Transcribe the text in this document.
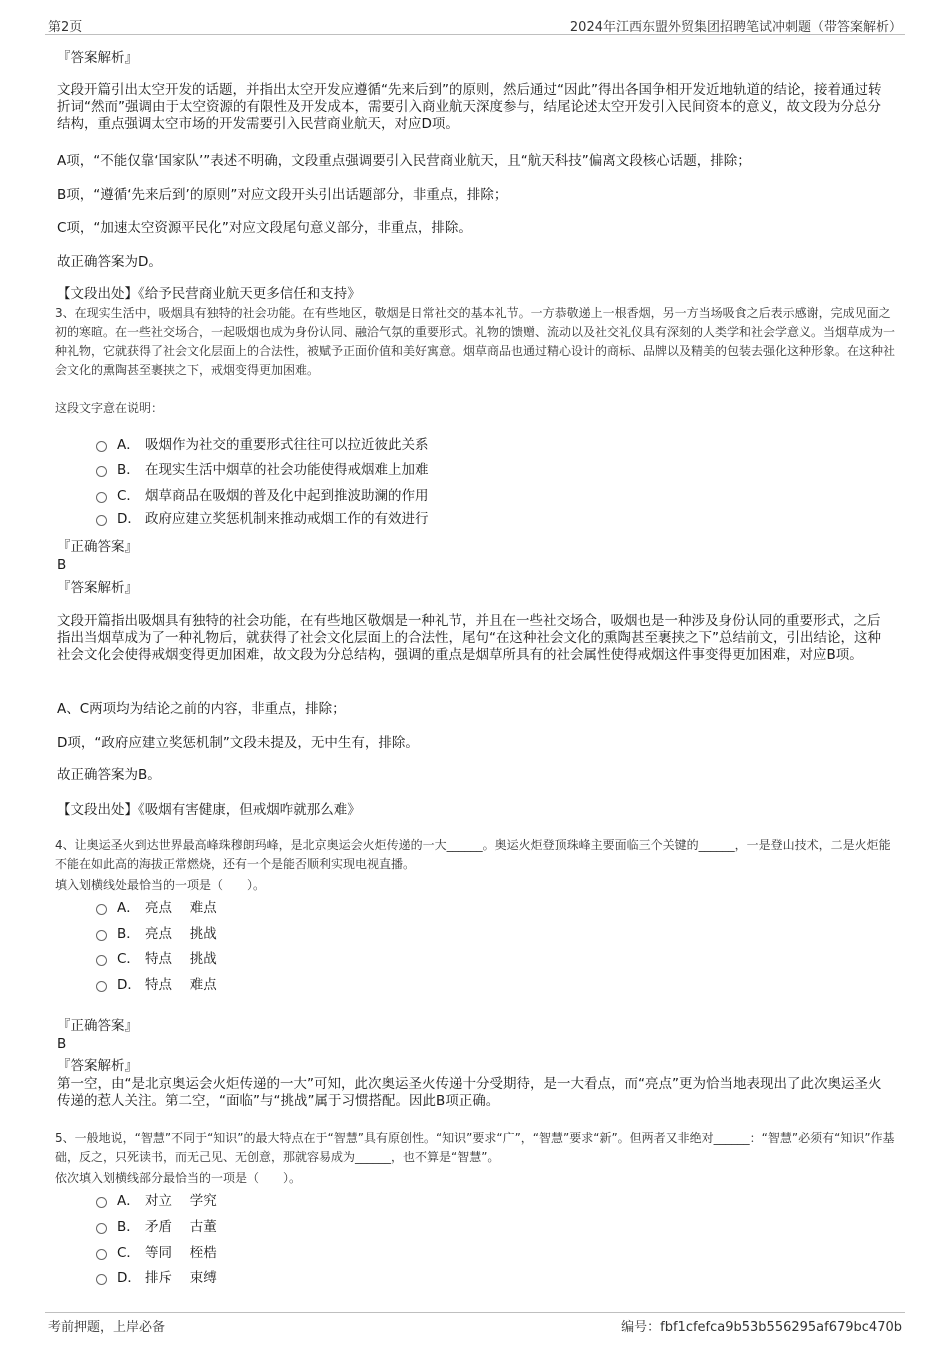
第2页	2024年江西东盟外贸集团招聘笔试冲刺题（带答案解析）
『答案解析』
文段开篇引出太空开发的话题，并指出太空开发应遵循“先来后到”的原则，然后通过“因此”得出各国争相开发近地轨道的结论，接着通过转折词“然而”强调由于太空资源的有限性及开发成本，需要引入商业航天深度参与，结尾论述太空开发引入民间资本的意义，故文段为分总分结构，重点强调太空市场的开发需要引入民营商业航天，对应D项。
A项，“不能仅靠‘国家队’”表述不明确，文段重点强调要引入民营商业航天，且“航天科技”偏离文段核心话题，排除；
B项，“遵循‘先来后到’的原则”对应文段开头引出话题部分，非重点，排除；
C项，“加速太空资源平民化”对应文段尾句意义部分，非重点，排除。
故正确答案为D。
【文段出处】《给予民营商业航天更多信任和支持》
3、在现实生活中，吸烟具有独特的社会功能。在有些地区，敬烟是日常社交的基本礼节。一方恭敬递上一根香烟，另一方当场吸食之后表示感谢，完成见面之初的寒暄。在一些社交场合，一起吸烟也成为身份认同、融洽气氛的重要形式。礼物的馈赠、流动以及社交礼仪具有深刻的人类学和社会学意义。当烟草成为一种礼物，它就获得了社会文化层面上的合法性，被赋予正面价值和美好寓意。烟草商品也通过精心设计的商标、品牌以及精美的包装去强化这种形象。在这种社会文化的熏陶甚至裹挟之下，戒烟变得更加困难。
这段文字意在说明：
A． 吸烟作为社交的重要形式往往可以拉近彼此关系
B． 在现实生活中烟草的社会功能使得戒烟难上加难
C． 烟草商品在吸烟的普及化中起到推波助澜的作用
D． 政府应建立奖惩机制来推动戒烟工作的有效进行
『正确答案』
B
『答案解析』
文段开篇指出吸烟具有独特的社会功能，在有些地区敬烟是一种礼节，并且在一些社交场合，吸烟也是一种涉及身份认同的重要形式，之后指出当烟草成为了一种礼物后，就获得了社会文化层面上的合法性，尾句“在这种社会文化的熏陶甚至裹挟之下”总结前文，引出结论，这种社会文化会使得戒烟变得更加困难，故文段为分总结构，强调的重点是烟草所具有的社会属性使得戒烟这件事变得更加困难，对应B项。
A、C两项均为结论之前的内容，非重点，排除；
D项，“政府应建立奖惩机制”文段未提及，无中生有，排除。
故正确答案为B。
【文段出处】《吸烟有害健康，但戒烟咋就那么难》
4、让奥运圣火到达世界最高峰珠穆朗玛峰，是北京奥运会火炬传递的一大______。奥运火炬登顶珠峰主要面临三个关键的______，一是登山技术，二是火炬能不能在如此高的海拔正常燃烧，还有一个是能否顺利实现电视直播。
填入划横线处最恰当的一项是（　　）。
A． 亮点　 难点
B． 亮点　 挑战
C． 特点　 挑战
D． 特点　 难点
『正确答案』
B
『答案解析』
第一空，由“是北京奥运会火炬传递的一大”可知，此次奥运圣火传递十分受期待，是一大看点，而“亮点”更为恰当地表现出了此次奥运圣火传递的惹人关注。第二空，“面临”与“挑战”属于习惯搭配。因此B项正确。
5、一般地说，“智慧”不同于“知识”的最大特点在于“智慧”具有原创性。“知识”要求“广”，“智慧”要求“新”。但两者又非绝对______：“智慧”必须有“知识”作基础，反之，只死读书，而无己见、无创意，那就容易成为______，也不算是“智慧”。
依次填入划横线部分最恰当的一项是（　　）。
A． 对立　 学究
B． 矛盾　 古董
C． 等同　 桎梏
D． 排斥　 束缚
考前押题，上岸必备	编号：fbf1cfefca9b53b556295af679bc470b
